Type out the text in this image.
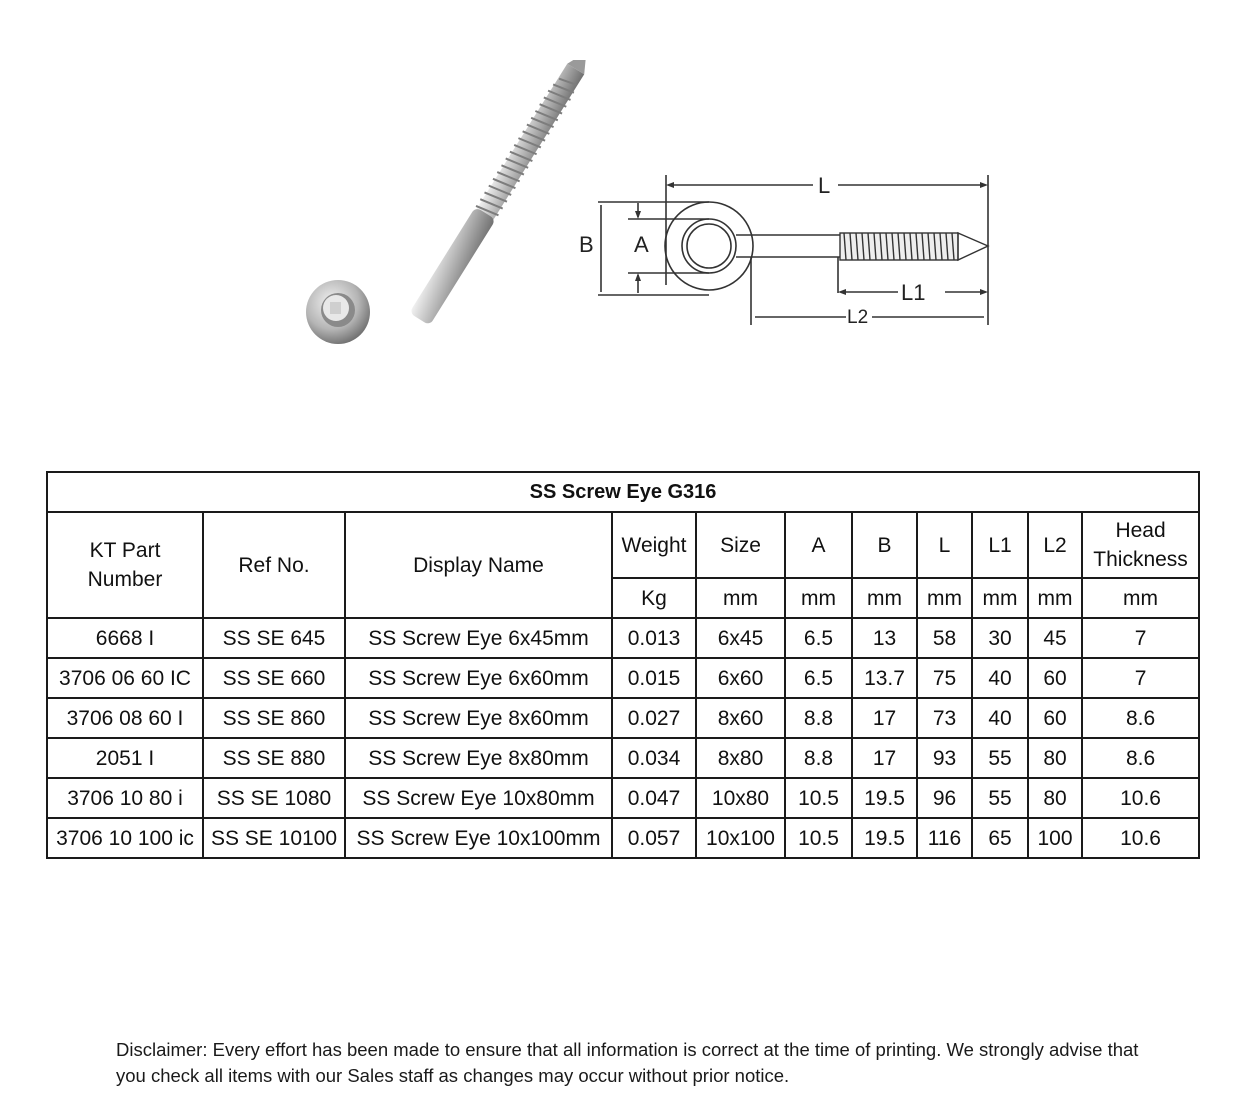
L
L1
L2
B A
SS Screw Eye G316										
KT Part Number	Ref No.	Display Name	Weight	Size	A	B	L	L1	L2	Head Thickness
			Kg	mm	mm	mm	mm	mm	mm	mm
6668 I	SS SE 645	SS Screw Eye 6x45mm	0.013	6x45	6.5	13	58	30	45	7
3706 06 60 IC	SS SE 660	SS Screw Eye 6x60mm	0.015	6x60	6.5	13.7	75	40	60	7
3706 08 60 I	SS SE 860	SS Screw Eye 8x60mm	0.027	8x60	8.8	17	73	40	60	8.6
2051 I	SS SE 880	SS Screw Eye 8x80mm	0.034	8x80	8.8	17	93	55	80	8.6
3706 10 80 i	SS SE 1080	SS Screw Eye 10x80mm	0.047	10x80	10.5	19.5	96	55	80	10.6
3706 10 100 ic	SS SE 10100	SS Screw Eye 10x100mm	0.057	10x100	10.5	19.5	116	65	100	10.6
Disclaimer: Every effort has been made to ensure that all information is correct at the time of printing. We strongly advise that you check all items with our Sales staff as changes may occur without prior notice.
